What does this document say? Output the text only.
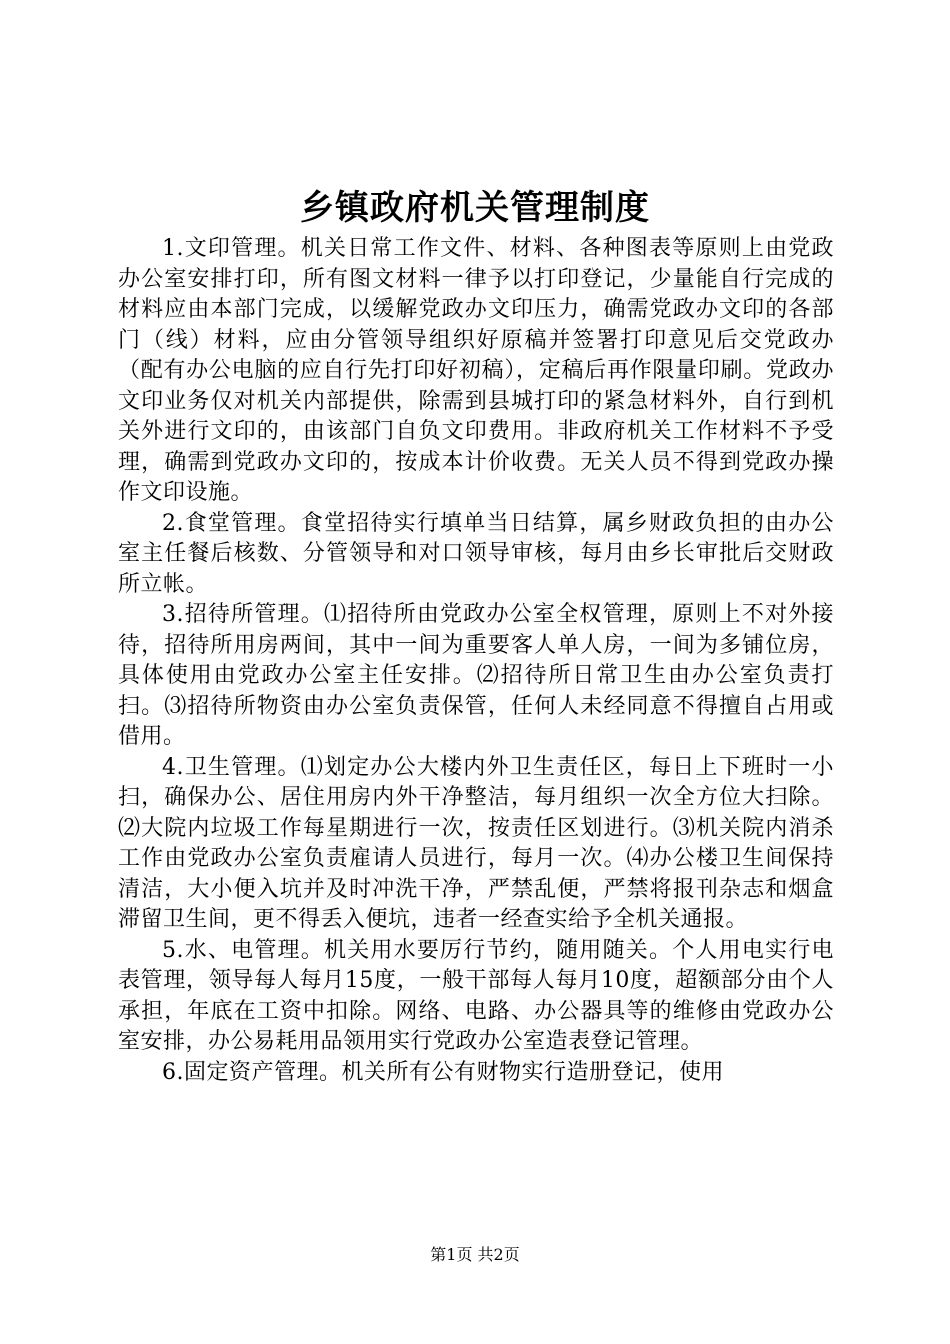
乡镇政府机关管理制度

1.文印管理。机关日常工作文件、材料、各种图表等原则上由党政办公室安排打印，所有图文材料一律予以打印登记，少量能自行完成的材料应由本部门完成，以缓解党政办文印压力，确需党政办文印的各部门（线）材料，应由分管领导组织好原稿并签署打印意见后交党政办（配有办公电脑的应自行先打印好初稿），定稿后再作限量印刷。党政办文印业务仅对机关内部提供，除需到县城打印的紧急材料外，自行到机关外进行文印的，由该部门自负文印费用。非政府机关工作材料不予受理，确需到党政办文印的，按成本计价收费。无关人员不得到党政办操作文印设施。

2.食堂管理。食堂招待实行填单当日结算，属乡财政负担的由办公室主任餐后核数、分管领导和对口领导审核，每月由乡长审批后交财政所立帐。

3.招待所管理。⑴招待所由党政办公室全权管理，原则上不对外接待，招待所用房两间，其中一间为重要客人单人房，一间为多铺位房，具体使用由党政办公室主任安排。⑵招待所日常卫生由办公室负责打扫。⑶招待所物资由办公室负责保管，任何人未经同意不得擅自占用或借用。

4.卫生管理。⑴划定办公大楼内外卫生责任区，每日上下班时一小扫，确保办公、居住用房内外干净整洁，每月组织一次全方位大扫除。⑵大院内垃圾工作每星期进行一次，按责任区划进行。⑶机关院内消杀工作由党政办公室负责雇请人员进行，每月一次。⑷办公楼卫生间保持清洁，大小便入坑并及时冲洗干净，严禁乱便，严禁将报刊杂志和烟盒滞留卫生间，更不得丢入便坑，违者一经查实给予全机关通报。

5.水、电管理。机关用水要厉行节约，随用随关。个人用电实行电表管理，领导每人每月15度，一般干部每人每月10度，超额部分由个人承担，年底在工资中扣除。网络、电路、办公器具等的维修由党政办公室安排，办公易耗用品领用实行党政办公室造表登记管理。

6.固定资产管理。机关所有公有财物实行造册登记，使用

第1页 共2页
